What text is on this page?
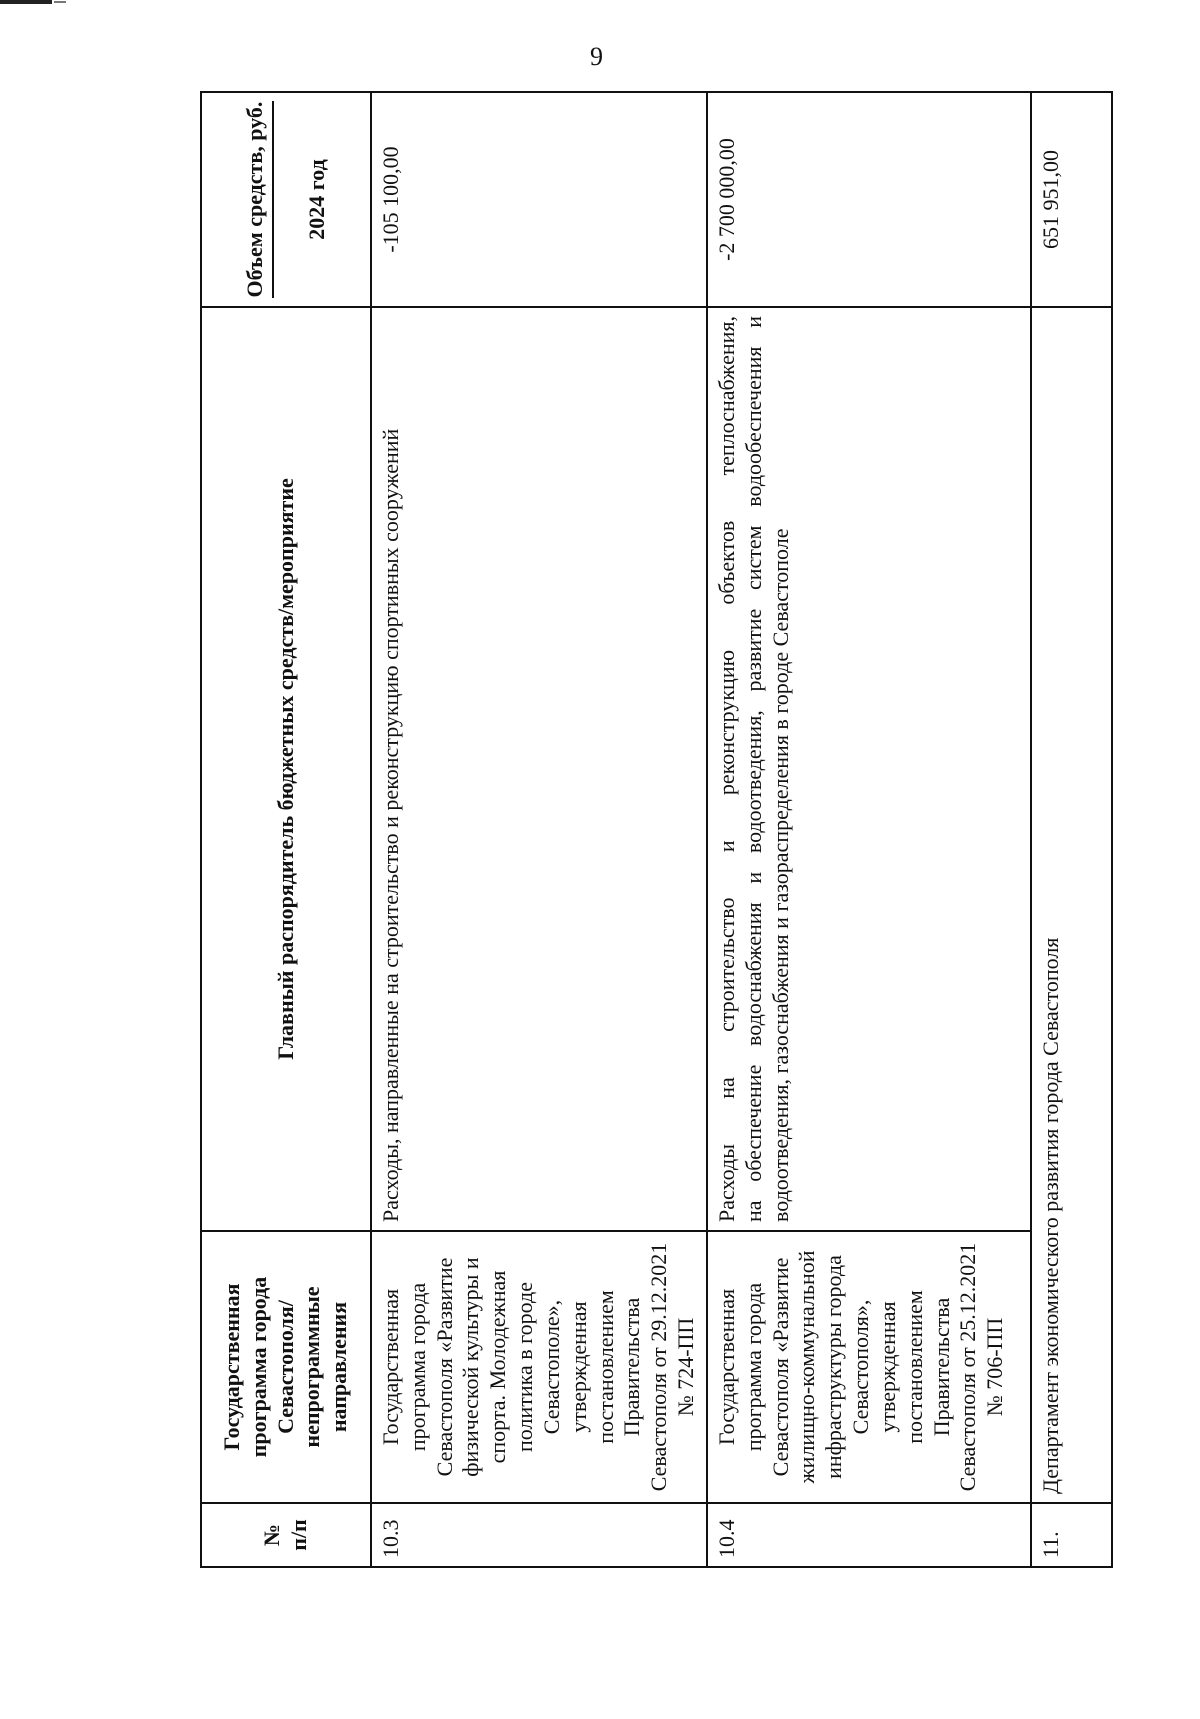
9
№ п/п	Государственная программа города Севастополя/ непрограммные направления	Главный распорядитель бюджетных средств/мероприятие	Объем средств, руб. 2024 год

10.3	Государственная программа города Севастополя «Развитие физической культуры и спорта. Молодежная политика в городе Севастополе», утвержденная постановлением Правительства Севастополя от 29.12.2021 № 724-ПП	Расходы, направленные на строительство и реконструкцию спортивных сооружений	-105 100,00
10.4	Государственная программа города Севастополя «Развитие жилищно-коммунальной инфраструктуры города Севастополя», утвержденная постановлением Правительства Севастополя от 25.12.2021 № 706-ПП	Расходы на строительство и реконструкцию объектов теплоснабжения, на обеспечение водоснабжения и водоотведения, развитие систем водообеспечения и водоотведения, газоснабжения и газораспределения в городе Севастополе	-2 700 000,00
11.	Департамент экономического развития города Севастополя		651 951,00
